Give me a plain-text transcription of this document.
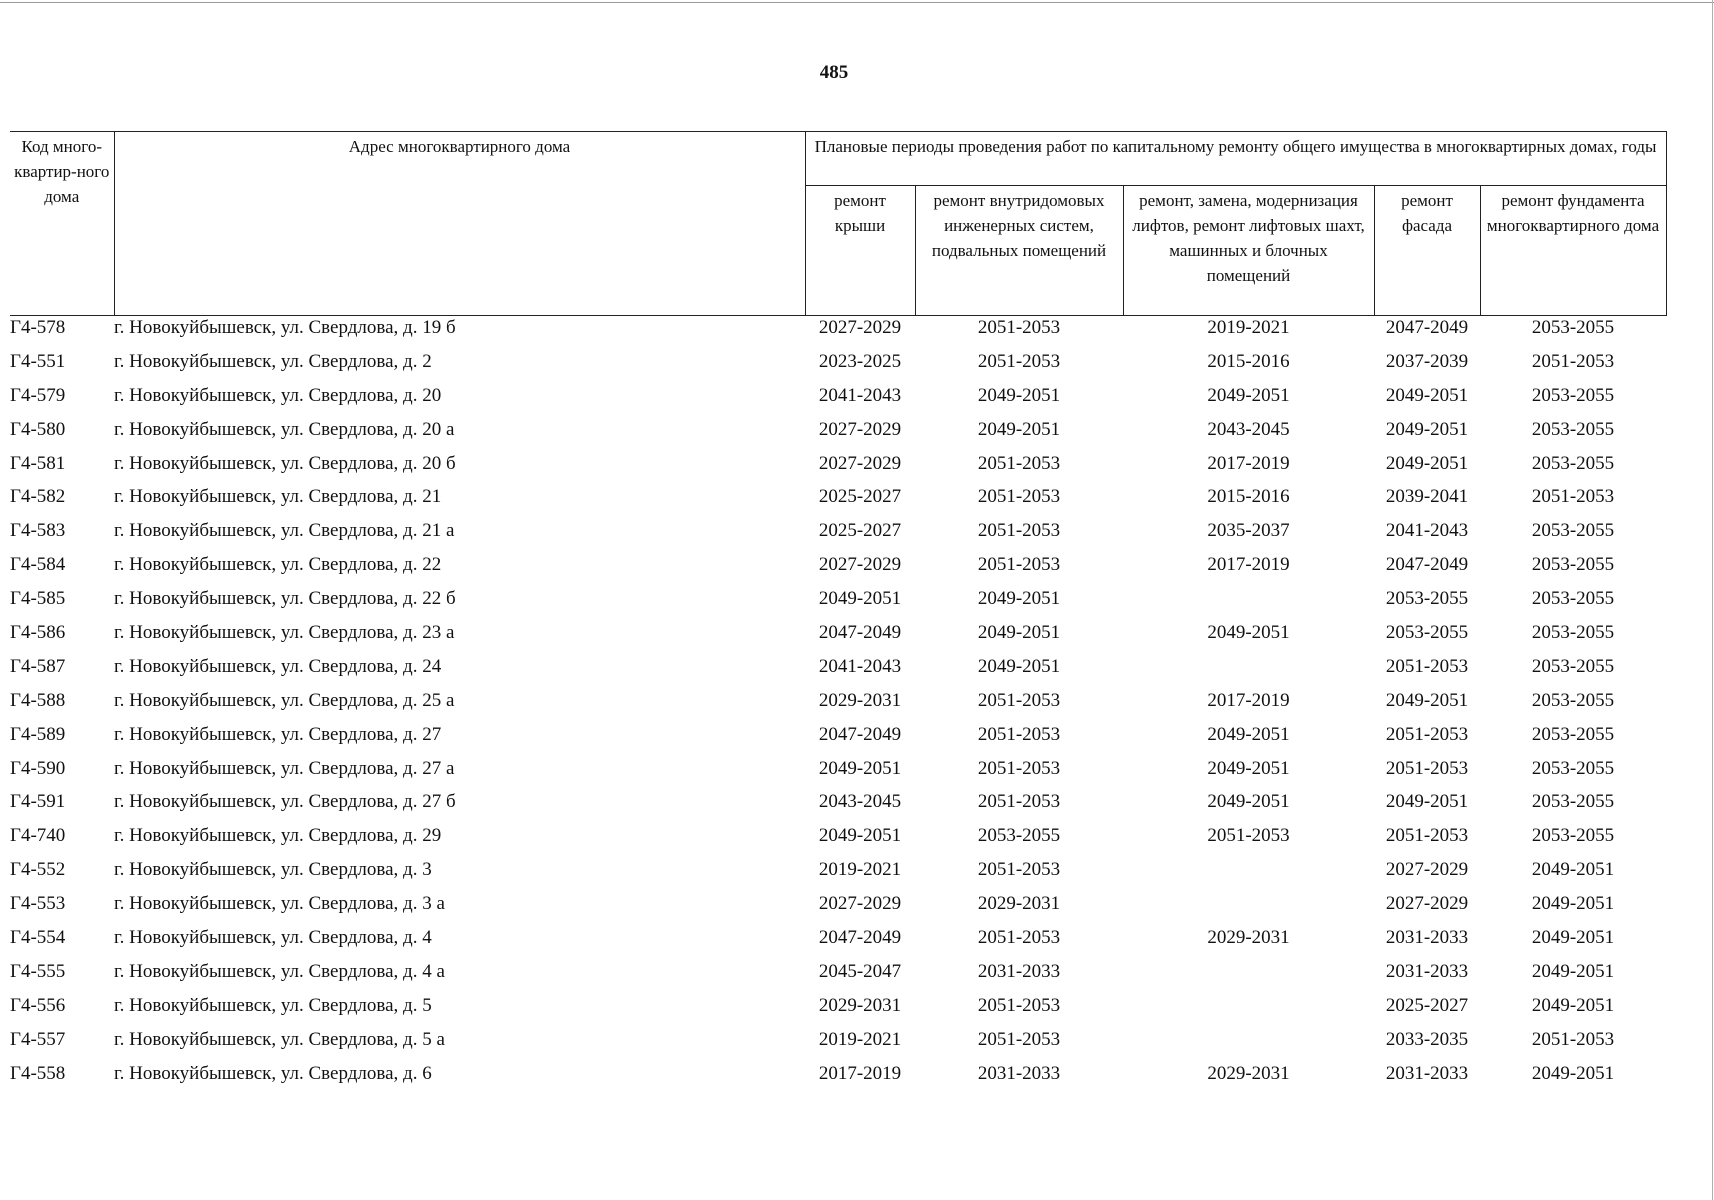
485
Код много-квартир-ного дома	Адрес многоквартирного дома	Плановые периоды проведения работ по капитальному ремонту общего имущества в многоквартирных домах, годы				
		ремонт крыши	ремонт внутридомовых инженерных систем, подвальных помещений	ремонт, замена, модернизация лифтов, ремонт лифтовых шахт, машинных и блочных помещений	ремонт фасада	ремонт фундамента многоквартирного дома
Г4-578	г. Новокуйбышевск, ул. Свердлова, д. 19 б	2027-2029	2051-2053	2019-2021	2047-2049	2053-2055
Г4-551	г. Новокуйбышевск, ул. Свердлова, д. 2	2023-2025	2051-2053	2015-2016	2037-2039	2051-2053
Г4-579	г. Новокуйбышевск, ул. Свердлова, д. 20	2041-2043	2049-2051	2049-2051	2049-2051	2053-2055
Г4-580	г. Новокуйбышевск, ул. Свердлова, д. 20 а	2027-2029	2049-2051	2043-2045	2049-2051	2053-2055
Г4-581	г. Новокуйбышевск, ул. Свердлова, д. 20 б	2027-2029	2051-2053	2017-2019	2049-2051	2053-2055
Г4-582	г. Новокуйбышевск, ул. Свердлова, д. 21	2025-2027	2051-2053	2015-2016	2039-2041	2051-2053
Г4-583	г. Новокуйбышевск, ул. Свердлова, д. 21 а	2025-2027	2051-2053	2035-2037	2041-2043	2053-2055
Г4-584	г. Новокуйбышевск, ул. Свердлова, д. 22	2027-2029	2051-2053	2017-2019	2047-2049	2053-2055
Г4-585	г. Новокуйбышевск, ул. Свердлова, д. 22 б	2049-2051	2049-2051		2053-2055	2053-2055
Г4-586	г. Новокуйбышевск, ул. Свердлова, д. 23 а	2047-2049	2049-2051	2049-2051	2053-2055	2053-2055
Г4-587	г. Новокуйбышевск, ул. Свердлова, д. 24	2041-2043	2049-2051		2051-2053	2053-2055
Г4-588	г. Новокуйбышевск, ул. Свердлова, д. 25 а	2029-2031	2051-2053	2017-2019	2049-2051	2053-2055
Г4-589	г. Новокуйбышевск, ул. Свердлова, д. 27	2047-2049	2051-2053	2049-2051	2051-2053	2053-2055
Г4-590	г. Новокуйбышевск, ул. Свердлова, д. 27 а	2049-2051	2051-2053	2049-2051	2051-2053	2053-2055
Г4-591	г. Новокуйбышевск, ул. Свердлова, д. 27 б	2043-2045	2051-2053	2049-2051	2049-2051	2053-2055
Г4-740	г. Новокуйбышевск, ул. Свердлова, д. 29	2049-2051	2053-2055	2051-2053	2051-2053	2053-2055
Г4-552	г. Новокуйбышевск, ул. Свердлова, д. 3	2019-2021	2051-2053		2027-2029	2049-2051
Г4-553	г. Новокуйбышевск, ул. Свердлова, д. 3 а	2027-2029	2029-2031		2027-2029	2049-2051
Г4-554	г. Новокуйбышевск, ул. Свердлова, д. 4	2047-2049	2051-2053	2029-2031	2031-2033	2049-2051
Г4-555	г. Новокуйбышевск, ул. Свердлова, д. 4 а	2045-2047	2031-2033		2031-2033	2049-2051
Г4-556	г. Новокуйбышевск, ул. Свердлова, д. 5	2029-2031	2051-2053		2025-2027	2049-2051
Г4-557	г. Новокуйбышевск, ул. Свердлова, д. 5 а	2019-2021	2051-2053		2033-2035	2051-2053
Г4-558	г. Новокуйбышевск, ул. Свердлова, д. 6	2017-2019	2031-2033	2029-2031	2031-2033	2049-2051
